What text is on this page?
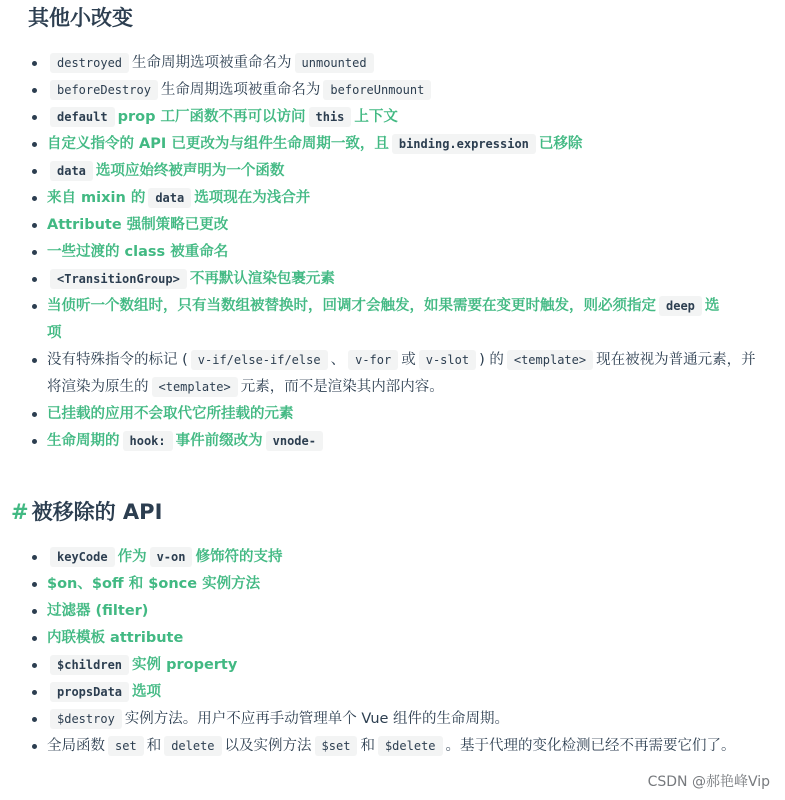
其他小改变
destroyed 生命周期选项被重命名为 unmounted
beforeDestroy 生命周期选项被重命名为 beforeUnmount
default prop 工厂函数不再可以访问 this 上下文
自定义指令的 API 已更改为与组件生命周期一致，且 binding.expression 已移除
data 选项应始终被声明为一个函数
来自 mixin 的 data 选项现在为浅合并
Attribute 强制策略已更改
一些过渡的 class 被重命名
<TransitionGroup> 不再默认渲染包裹元素
当侦听一个数组时，只有当数组被替换时，回调才会触发，如果需要在变更时触发，则必须指定 deep 选项
没有特殊指令的标记 ( v-if/else-if/else 、 v-for 或 v-slot ) 的 <template> 现在被视为普通元素，并将渲染为原生的 <template> 元素，而不是渲染其内部内容。
已挂载的应用不会取代它所挂载的元素
生命周期的 hook: 事件前缀改为 vnode-
# 被移除的 API
keyCode 作为 v-on 修饰符的支持
$on、$off 和 $once 实例方法
过滤器 (filter)
内联模板 attribute
$children 实例 property
propsData 选项
$destroy 实例方法。用户不应再手动管理单个 Vue 组件的生命周期。
全局函数 set 和 delete 以及实例方法 $set 和 $delete 。基于代理的变化检测已经不再需要它们了。
CSDN @郝艳峰Vip
